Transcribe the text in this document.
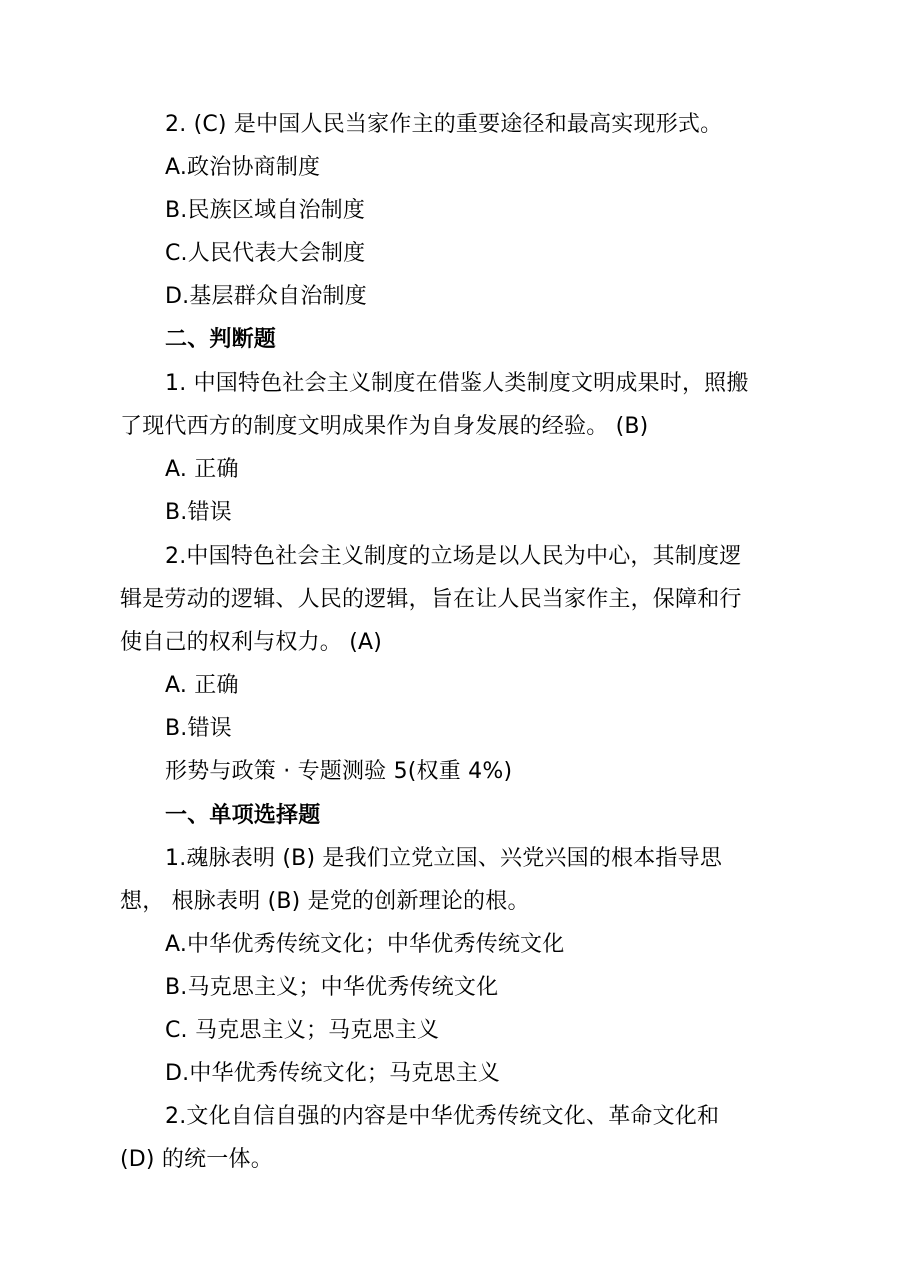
2. (C) 是中国人民当家作主的重要途径和最高实现形式。
A.政治协商制度
B.民族区域自治制度
C.人民代表大会制度
D.基层群众自治制度
二、判断题
1. 中国特色社会主义制度在借鉴人类制度文明成果时，照搬
了现代西方的制度文明成果作为自身发展的经验。 (B)
A. 正确
B.错误
2.中国特色社会主义制度的立场是以人民为中心，其制度逻
辑是劳动的逻辑、人民的逻辑，旨在让人民当家作主，保障和行
使自己的权利与权力。 (A)
A. 正确
B.错误
形势与政策 · 专题测验 5(权重 4%)
一、单项选择题
1.魂脉表明 (B) 是我们立党立国、兴党兴国的根本指导思
想， 根脉表明 (B) 是党的创新理论的根。
A.中华优秀传统文化；中华优秀传统文化
B.马克思主义；中华优秀传统文化
C. 马克思主义；马克思主义
D.中华优秀传统文化；马克思主义
2.文化自信自强的内容是中华优秀传统文化、革命文化和
(D) 的统一体。
